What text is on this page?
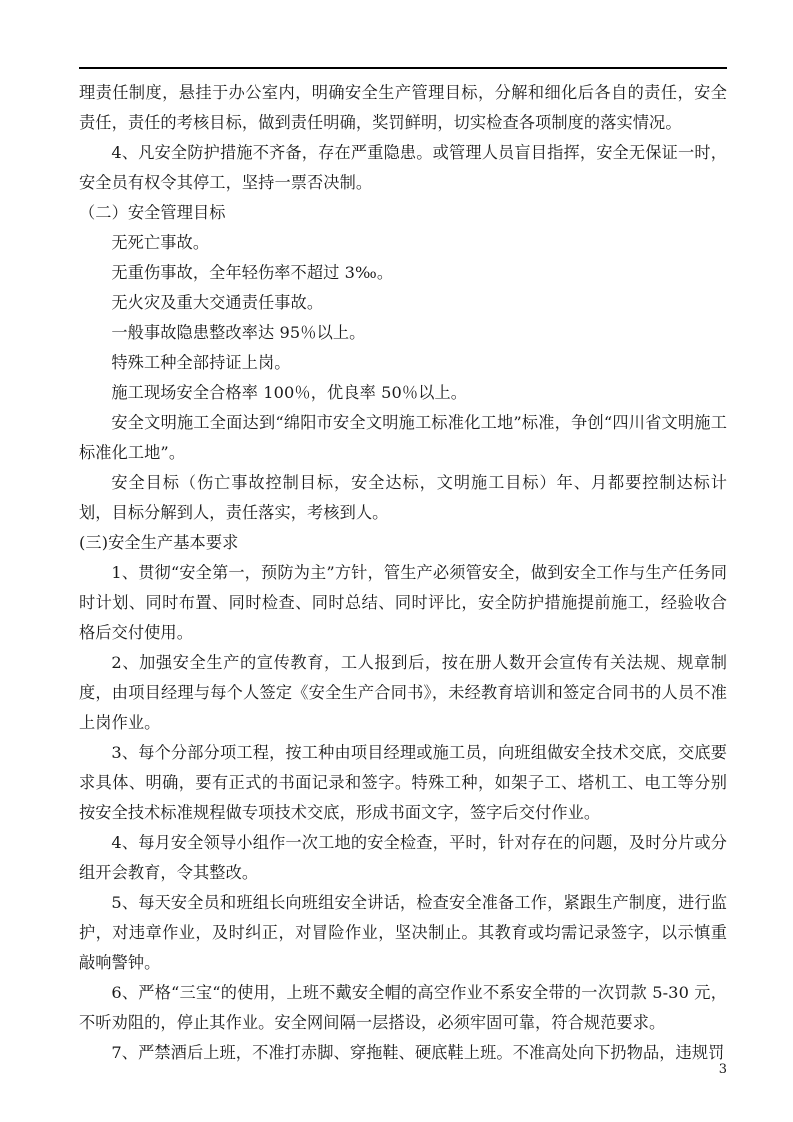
理责任制度，悬挂于办公室内，明确安全生产管理目标，分解和细化后各自的责任，安全责任，责任的考核目标，做到责任明确，奖罚鲜明，切实检查各项制度的落实情况。

4、凡安全防护措施不齐备，存在严重隐患。或管理人员盲目指挥，安全无保证一时，安全员有权令其停工，坚持一票否决制。

（二）安全管理目标

无死亡事故。

无重伤事故，全年轻伤率不超过 3‰。

无火灾及重大交通责任事故。

一般事故隐患整改率达 95％以上。

特殊工种全部持证上岗。

施工现场安全合格率 100％，优良率 50％以上。

安全文明施工全面达到“绵阳市安全文明施工标准化工地”标准，争创“四川省文明施工标准化工地”。

安全目标（伤亡事故控制目标，安全达标，文明施工目标）年、月都要控制达标计划，目标分解到人，责任落实，考核到人。

(三)安全生产基本要求

1、贯彻“安全第一，预防为主”方针，管生产必须管安全，做到安全工作与生产任务同时计划、同时布置、同时检查、同时总结、同时评比，安全防护措施提前施工，经验收合格后交付使用。

2、加强安全生产的宣传教育，工人报到后，按在册人数开会宣传有关法规、规章制度，由项目经理与每个人签定《安全生产合同书》，未经教育培训和签定合同书的人员不准上岗作业。

3、每个分部分项工程，按工种由项目经理或施工员，向班组做安全技术交底，交底要求具体、明确，要有正式的书面记录和签字。特殊工种，如架子工、塔机工、电工等分别按安全技术标准规程做专项技术交底，形成书面文字，签字后交付作业。

4、每月安全领导小组作一次工地的安全检查，平时，针对存在的问题，及时分片或分组开会教育，令其整改。

5、每天安全员和班组长向班组安全讲话，检查安全准备工作，紧跟生产制度，进行监护，对违章作业，及时纠正，对冒险作业，坚决制止。其教育或均需记录签字，以示慎重敲响警钟。

6、严格“三宝“的使用，上班不戴安全帽的高空作业不系安全带的一次罚款 5-30 元，不听劝阻的，停止其作业。安全网间隔一层搭设，必须牢固可靠，符合规范要求。

7、严禁酒后上班，不准打赤脚、穿拖鞋、硬底鞋上班。不准高处向下扔物品，违规罚

3
